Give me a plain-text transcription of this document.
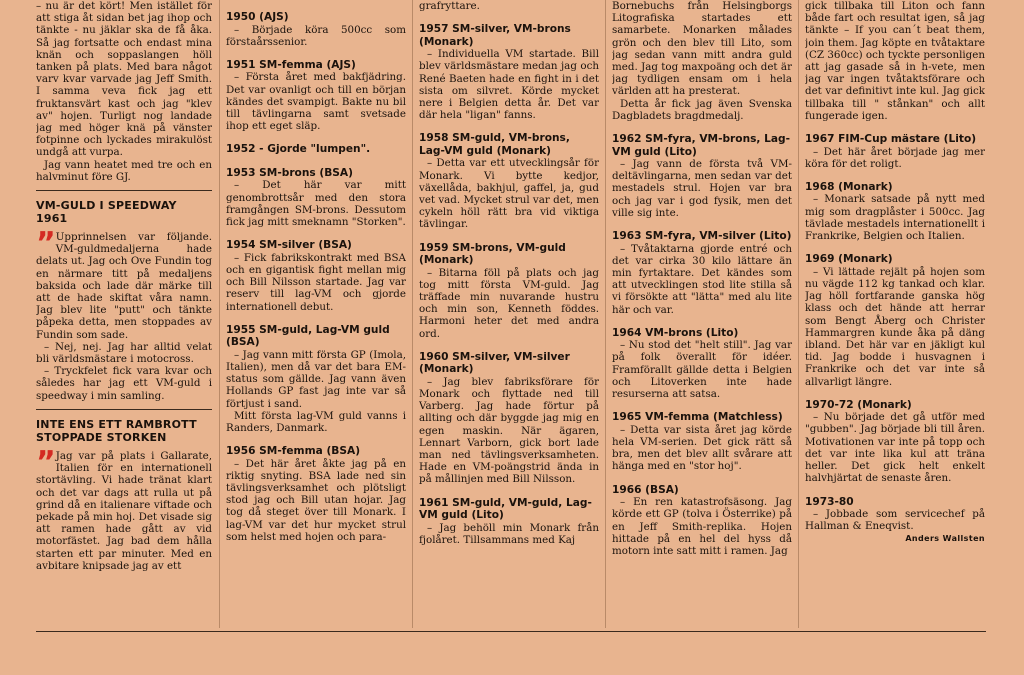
– nu är det kört! Men istället för att stiga åt sidan bet jag ihop och tänkte - nu jäklar ska de få åka. Så jag fortsatte och endast mina knän och soppaslangen höll tanken på plats. Med bara något varv kvar varvade jag Jeff Smith. I samma veva fick jag ett fruktansvärt kast och jag "klev av" hojen. Turligt nog landade jag med höger knä på vänster fotpinne och lyckades mirakulöst undgå att vurpa.

Jag vann heatet med tre och en halvminut före GJ.

VM-GULD I SPEEDWAY 1961

” Upprinnelsen var följande. VM-guldmedaljerna hade delats ut. Jag och Ove Fundin tog en närmare titt på medaljens baksida och lade där märke till att de hade skiftat våra namn. Jag blev lite "putt" och tänkte påpeka detta, men stoppades av Fundin som sade.

– Nej, nej. Jag har alltid velat bli världsmästare i motocross.

– Tryckfelet fick vara kvar och således har jag ett VM-guld i speedway i min samling.

INTE ENS ETT RAMBROTT STOPPADE STORKEN

” Jag var på plats i Gallarate, Italien för en internationell stortävling. Vi hade tränat klart och det var dags att rulla ut på grind då en italienare viftade och pekade på min hoj. Det visade sig att ramen hade gått av vid motorfästet. Jag bad dem hålla starten ett par minuter. Med en avbitare knipsade jag av ett

1950 (AJS)

– Började köra 500cc som förstaårssenior.

1951 SM-femma (AJS)

– Första året med bakfjädring. Det var ovanligt och till en början kändes det svampigt. Bakte nu bil till tävlingarna samt svetsade ihop ett eget släp.

1952 - Gjorde "lumpen".
1953 SM-brons (BSA)

– Det här var mitt genombrottsår med den stora framgången SM-brons. Dessutom fick jag mitt smeknamn "Storken".

1954 SM-silver (BSA)

– Fick fabrikskontrakt med BSA och en gigantisk fight mellan mig och Bill Nilsson startade. Jag var reserv till lag-VM och gjorde internationell debut.

1955 SM-guld, Lag-VM guld (BSA)

– Jag vann mitt första GP (Imola, Italien), men då var det bara EM-status som gällde. Jag vann även Hollands GP fast jag inte var så förtjust i sand.

Mitt första lag-VM guld vanns i Randers, Danmark.

1956 SM-femma (BSA)

– Det här året åkte jag på en riktig snyting. BSA lade ned sin tävlingsverksamhet och plötsligt stod jag och Bill utan hojar. Jag tog då steget över till Monark. I lag-VM var det hur mycket strul som helst med hojen och para-

grafryttare.

1957 SM-silver, VM-brons (Monark)

– Individuella VM startade. Bill blev världsmästare medan jag och René Baeten hade en fight in i det sista om silvret. Körde mycket nere i Belgien detta år. Det var där hela "ligan" fanns.

1958 SM-guld, VM-brons, Lag-VM guld (Monark)

– Detta var ett utvecklingsår för Monark. Vi bytte kedjor, växellåda, bakhjul, gaffel, ja, gud vet vad. Mycket strul var det, men cykeln höll rätt bra vid viktiga tävlingar.

1959 SM-brons, VM-guld (Monark)

– Bitarna föll på plats och jag tog mitt första VM-guld. Jag träffade min nuvarande hustru och min son, Kenneth föddes. Harmoni heter det med andra ord.

1960 SM-silver, VM-silver (Monark)

– Jag blev fabriksförare för Monark och flyttade ned till Varberg. Jag hade förtur på allting och där byggde jag mig en egen maskin. När ägaren, Lennart Varborn, gick bort lade man ned tävlingsverksamheten. Hade en VM-poängstrid ända in på mållinjen med Bill Nilsson.

1961 SM-guld, VM-guld, Lag-VM guld (Lito)

– Jag behöll min Monark från fjolåret. Tillsammans med Kaj

Bornebuchs från Helsingborgs Litografiska startades ett samarbete. Monarken målades grön och den blev till Lito, som jag sedan vann mitt andra guld med. Jag tog maxpoäng och det är jag tydligen ensam om i hela världen att ha presterat.

Detta år fick jag även Svenska Dagbladets bragdmedalj.

1962 SM-fyra, VM-brons, Lag-VM guld (Lito)

– Jag vann de första två VM-deltävlingarna, men sedan var det mestadels strul. Hojen var bra och jag var i god fysik, men det ville sig inte.

1963 SM-fyra, VM-silver (Lito)

– Tvåtaktarna gjorde entré och det var cirka 30 kilo lättare än min fyrtaktare. Det kändes som att utvecklingen stod lite stilla så vi försökte att "lätta" med alu lite här och var.

1964 VM-brons (Lito)

– Nu stod det "helt still". Jag var på folk överallt för idéer. Framförallt gällde detta i Belgien och Litoverken inte hade resurserna att satsa.

1965 VM-femma (Matchless)

– Detta var sista året jag körde hela VM-serien. Det gick rätt så bra, men det blev allt svårare att hänga med en "stor hoj".

1966 (BSA)

– En ren katastrofsäsong. Jag körde ett GP (tolva i Österrike) på en Jeff Smith-replika. Hojen hittade på en hel del hyss då motorn inte satt mitt i ramen. Jag

gick tillbaka till Liton och fann både fart och resultat igen, så jag tänkte – If you can´t beat them, join them. Jag köpte en tvåtaktare (CZ 360cc) och tyckte personligen att jag gasade så in h-vete, men jag var ingen tvåtaktsförare och det var definitivt inte kul. Jag gick tillbaka till " stånkan" och allt fungerade igen.

1967 FIM-Cup mästare (Lito)

– Det här året började jag mer köra för det roligt.

1968 (Monark)

– Monark satsade på nytt med mig som dragplåster i 500cc. Jag tävlade mestadels internationellt i Frankrike, Belgien och Italien.

1969 (Monark)

– Vi lättade rejält på hojen som nu vägde 112 kg tankad och klar. Jag höll fortfarande ganska hög klass och det hände att herrar som Bengt Åberg och Christer Hammargren kunde åka på däng ibland. Det här var en jäkligt kul tid. Jag bodde i husvagnen i Frankrike och det var inte så allvarligt längre.

1970-72 (Monark)

– Nu började det gå utför med "gubben". Jag började bli till åren. Motivationen var inte på topp och det var inte lika kul att träna heller. Det gick helt enkelt halvhjärtat de senaste åren.

1973-80

– Jobbade som servicechef på Hallman & Eneqvist.

Anders Wallsten
